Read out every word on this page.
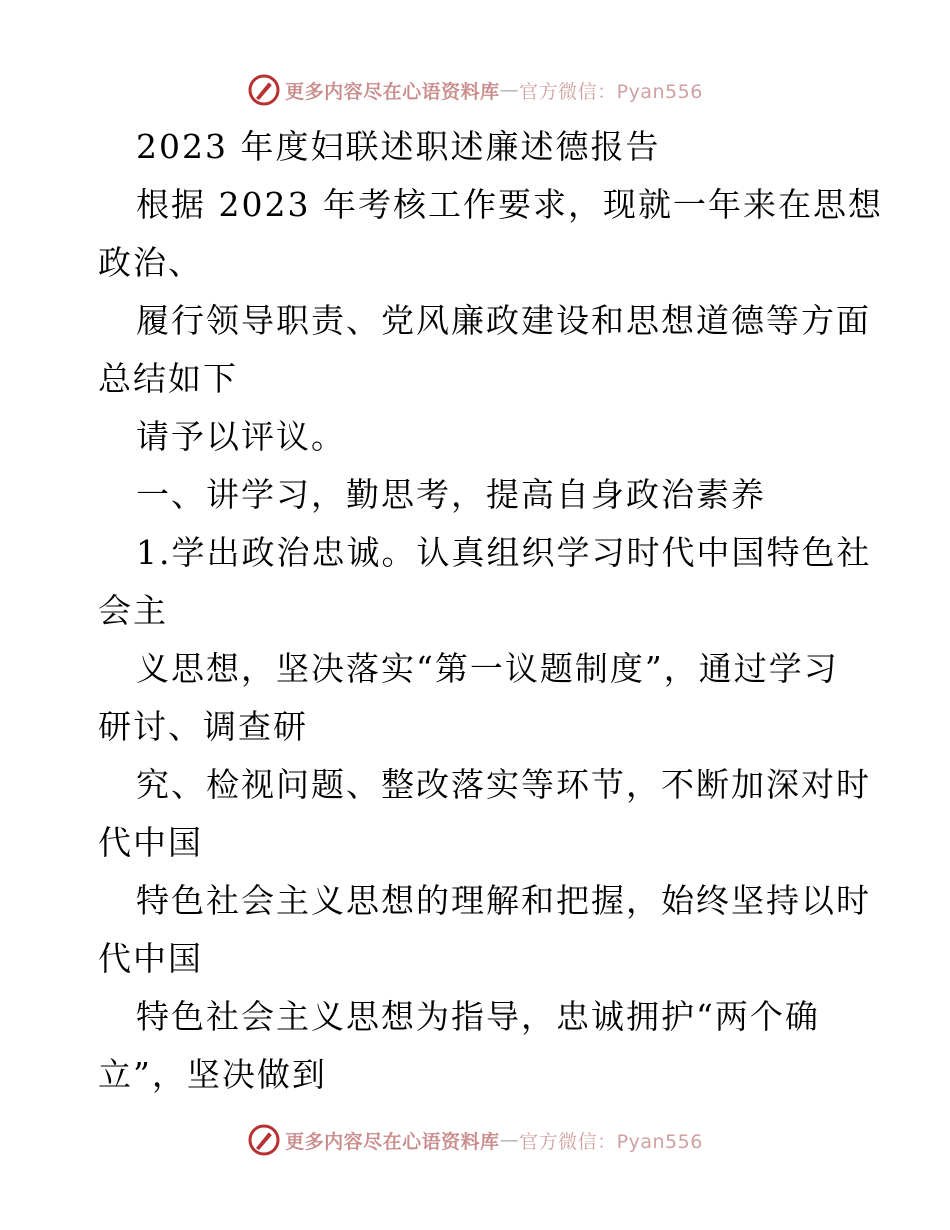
更多内容尽在心语资料库 — 官方微信：Pyan556
2023 年度妇联述职述廉述德报告
根据 2023 年考核工作要求，现就一年来在思想
政治、
履行领导职责、党风廉政建设和思想道德等方面
总结如下
请予以评议。
一、讲学习，勤思考，提高自身政治素养
1.学出政治忠诚。认真组织学习时代中国特色社
会主
义思想，坚决落实“第一议题制度”，通过学习
研讨、调查研
究、检视问题、整改落实等环节，不断加深对时
代中国
特色社会主义思想的理解和把握，始终坚持以时
代中国
特色社会主义思想为指导，忠诚拥护“两个确
立”，坚决做到
更多内容尽在心语资料库 — 官方微信：Pyan556
